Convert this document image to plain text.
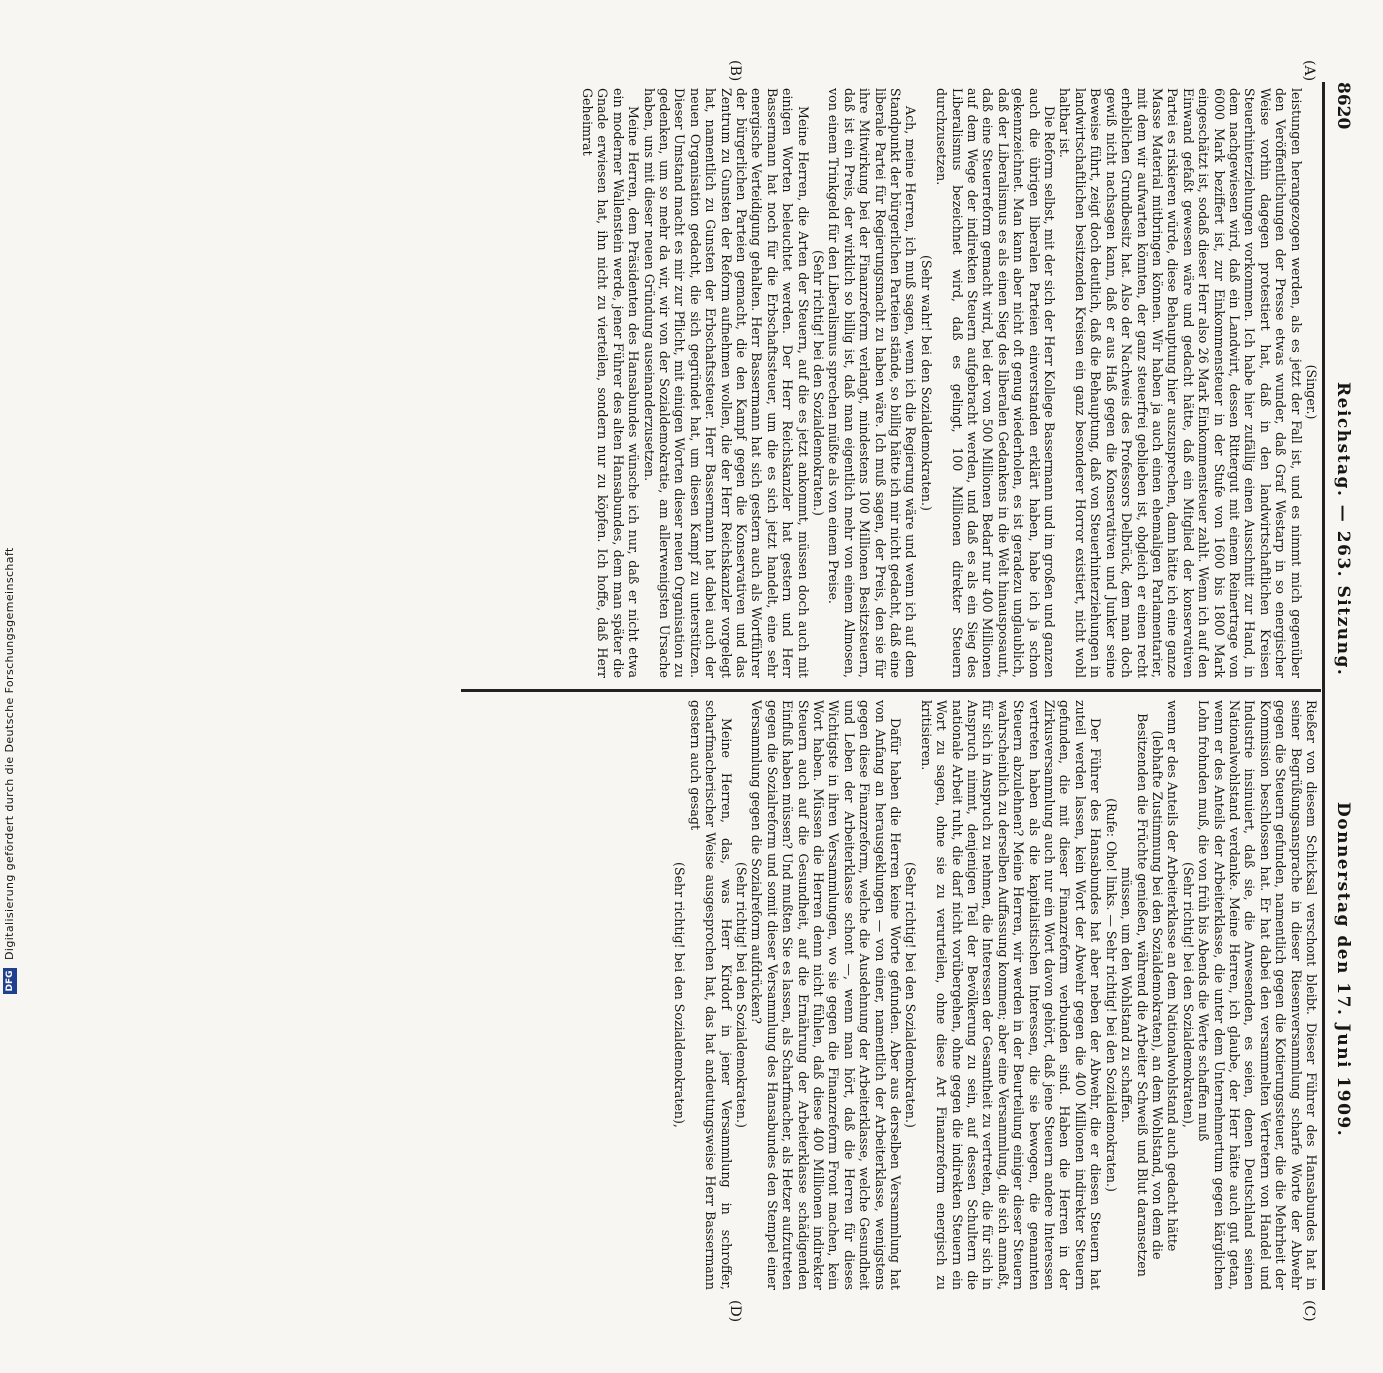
8620
Reichstag. — 263. Sitzung.
Donnerstag den 17. Juni 1909.
(A)
(B)
(C)
(D)

(Singer.)

leistungen herangezogen werden, als es jetzt der Fall ist, und es nimmt mich gegenüber den Veröffentlichungen der Presse etwas wunder, daß Graf Westarp in so energischer Weise vorhin dagegen protestiert hat, daß in den landwirtschaftlichen Kreisen Steuerhinterziehungen vorkommen. Ich habe hier zufällig einen Ausschnitt zur Hand, in dem nachgewiesen wird, daß ein Landwirt, dessen Rittergut mit einem Reinertrage von 6000 Mark beziffert ist, zur Einkommensteuer in der Stufe von 1600 bis 1800 Mark eingeschätzt ist, sodaß dieser Herr also 26 Mark Einkommensteuer zahlt. Wenn ich auf den Einwand gefaßt gewesen wäre und gedacht hätte, daß ein Mitglied der konservativen Partei es riskieren würde, diese Behauptung hier auszusprechen, dann hätte ich eine ganze Masse Material mitbringen können. Wir haben ja auch einen ehemaligen Parlamentarier, mit dem wir aufwarten könnten, der ganz steuerfrei geblieben ist, obgleich er einen recht erheblichen Grundbesitz hat. Also der Nachweis des Professors Delbrück, dem man doch gewiß nicht nachsagen kann, daß er aus Haß gegen die Konservativen und Junker seine Beweise führt, zeigt doch deutlich, daß die Behauptung, daß von Steuerhinterziehungen in landwirtschaftlichen besitzenden Kreisen ein ganz besonderer Horror existiert, nicht wohl haltbar ist.

Die Reform selbst, mit der sich der Herr Kollege Bassermann und im großen und ganzen auch die übrigen liberalen Parteien einverstanden erklärt haben, habe ich ja schon gekennzeichnet. Man kann aber nicht oft genug wiederholen, es ist geradezu unglaublich, daß der Liberalismus es als einen Sieg des liberalen Gedankens in die Welt hinausposaunt, daß eine Steuerreform gemacht wird, bei der von 500 Millionen Bedarf nur 400 Millionen auf dem Wege der indirekten Steuern aufgebracht werden, und daß es als ein Sieg des Liberalismus bezeichnet wird, daß es gelingt, 100 Millionen direkter Steuern durchzusetzen.

(Sehr wahr! bei den Sozialdemokraten.)

Ach, meine Herren, ich muß sagen, wenn ich die Regierung wäre und wenn ich auf dem Standpunkt der bürgerlichen Parteien stände, so billig hätte ich mir nicht gedacht, daß eine liberale Partei für Regierungsmacht zu haben wäre. Ich muß sagen, der Preis, den sie für ihre Mitwirkung bei der Finanzreform verlangt, mindestens 100 Millionen Besitzsteuern, daß ist ein Preis, der wirklich so billig ist, daß man eigentlich mehr von einem Almosen, von einem Trinkgeld für den Liberalismus sprechen müßte als von einem Preise.

(Sehr richtig! bei den Sozialdemokraten.)

Meine Herren, die Arten der Steuern, auf die es jetzt ankommt, müssen doch auch mit einigen Worten beleuchtet werden. Der Herr Reichskanzler hat gestern und Herr Bassermann hat noch für die Erbschaftssteuer, um die es sich jetzt handelt, eine sehr energische Verteidigung gehalten. Herr Bassermann hat sich gestern auch als Wortführer der bürgerlichen Parteien gemacht, die den Kampf gegen die Konservativen und das Zentrum zu Gunsten der Reform aufnehmen wollen, die der Herr Reichskanzler vorgelegt hat, namentlich zu Gunsten der Erbschaftssteuer. Herr Bassermann hat dabei auch der neuen Organisation gedacht, die sich gegründet hat, um diesen Kampf zu unterstützen. Dieser Umstand macht es mir zur Pflicht, mit einigen Worten dieser neuen Organisation zu gedenken, um so mehr da wir, wir von der Sozialdemokratie, am allerwenigsten Ursache haben, uns mit dieser neuen Gründung auseinanderzusetzen.

Meine Herren, dem Präsidenten des Hansabundes wünsche ich nur, daß er nicht etwa ein moderner Wallenstein werde, jener Führer des alten Hansabundes, dem man später die Gnade erwiesen hat, ihn nicht zu vierteilen, sondern nur zu köpfen. Ich hoffe, daß Herr Geheimrat

Rießer von diesem Schicksal verschont bleibt. Dieser Führer des Hansabundes hat in seiner Begrüßungsansprache in dieser Riesenversammlung scharfe Worte der Abwehr gegen die Steuern gefunden, namentlich gegen die Kotierungssteuer, die die Mehrheit der Kommission beschlossen hat. Er hat dabei den versammelten Vertretern von Handel und Industrie insinuiert, daß sie, die Anwesenden, es seien, denen Deutschland seinen Nationalwohlstand verdanke. Meine Herren, ich glaube, der Herr hätte auch gut getan, wenn er des Anteils der Arbeiterklasse, die unter dem Unternehmertum gegen kärglichen Lohn frohnden muß, die von früh bis Abends die Werte schaffen muß

(Sehr richtig! bei den Sozialdemokraten),

wenn er des Anteils der Arbeiterklasse an dem Nationalwohlstand auch gedacht hätte

(lebhafte Zustimmung bei den Sozialdemokraten), an dem Wohlstand, von dem die Besitzenden die Früchte genießen, während die Arbeiter Schweiß und Blut daransetzen müssen, um den Wohlstand zu schaffen.

(Rufe: Oho! links. — Sehr richtig! bei den Sozialdemokraten.)

Der Führer des Hansabundes hat aber neben der Abwehr, die er diesen Steuern hat zuteil werden lassen, kein Wort der Abwehr gegen die 400 Millionen indirekter Steuern gefunden, die mit dieser Finanzreform verbunden sind. Haben die Herren in der Zirkusversammlung auch nur ein Wort davon gehört, daß jene Steuern andere Interessen vertreten haben als die kapitalistischen Interessen, die sie bewogen, die genannten Steuern abzulehnen? Meine Herren, wir werden in der Beurteilung einiger dieser Steuern wahrscheinlich zu derselben Auffassung kommen; aber eine Versammlung, die sich anmaßt, für sich in Anspruch zu nehmen, die Interessen der Gesamtheit zu vertreten, die für sich in Anspruch nimmt, denjenigen Teil der Bevölkerung zu sein, auf dessen Schultern die nationale Arbeit ruht, die darf nicht vorübergehen, ohne gegen die indirekten Steuern ein Wort zu sagen, ohne sie zu verurteilen, ohne diese Art Finanzreform energisch zu kritisieren.

(Sehr richtig! bei den Sozialdemokraten.)

Dafür haben die Herren keine Worte gefunden. Aber aus derselben Versammlung hat von Anfang an herausgeklungen — von einer, namentlich der Arbeiterklasse, wenigstens gegen diese Finanzreform, welche die Ausdehnung der Arbeiterklasse, welche Gesundheit und Leben der Arbeiterklasse schont —, wenn man hört, daß die Herren für dieses Wichtigste in ihren Versammlungen, wo sie gegen die Finanzreform Front machen, kein Wort haben. Müssen die Herren denn nicht fühlen, daß diese 400 Millionen indirekter Steuern auch auf die Gesundheit, auf die Ernährung der Arbeiterklasse schädigenden Einfluß haben müssen? Und mußten Sie es lassen, als Scharfmacher, als Hetzer aufzutreten gegen die Sozialreform und somit dieser Versammlung des Hansabundes den Stempel einer Versammlung gegen die Sozialreform aufdrücken?

(Sehr richtig! bei den Sozialdemokraten.)

Meine Herren, das, was Herr Kirdorf in jener Versammlung in schroffer, scharfmacherischer Weise ausgesprochen hat, das hat andeutungsweise Herr Bassermann gestern auch gesagt

(Sehr richtig! bei den Sozialdemokraten),

DFG
Digitalisierung gefördert durch die Deutsche Forschungsgemeinschaft
